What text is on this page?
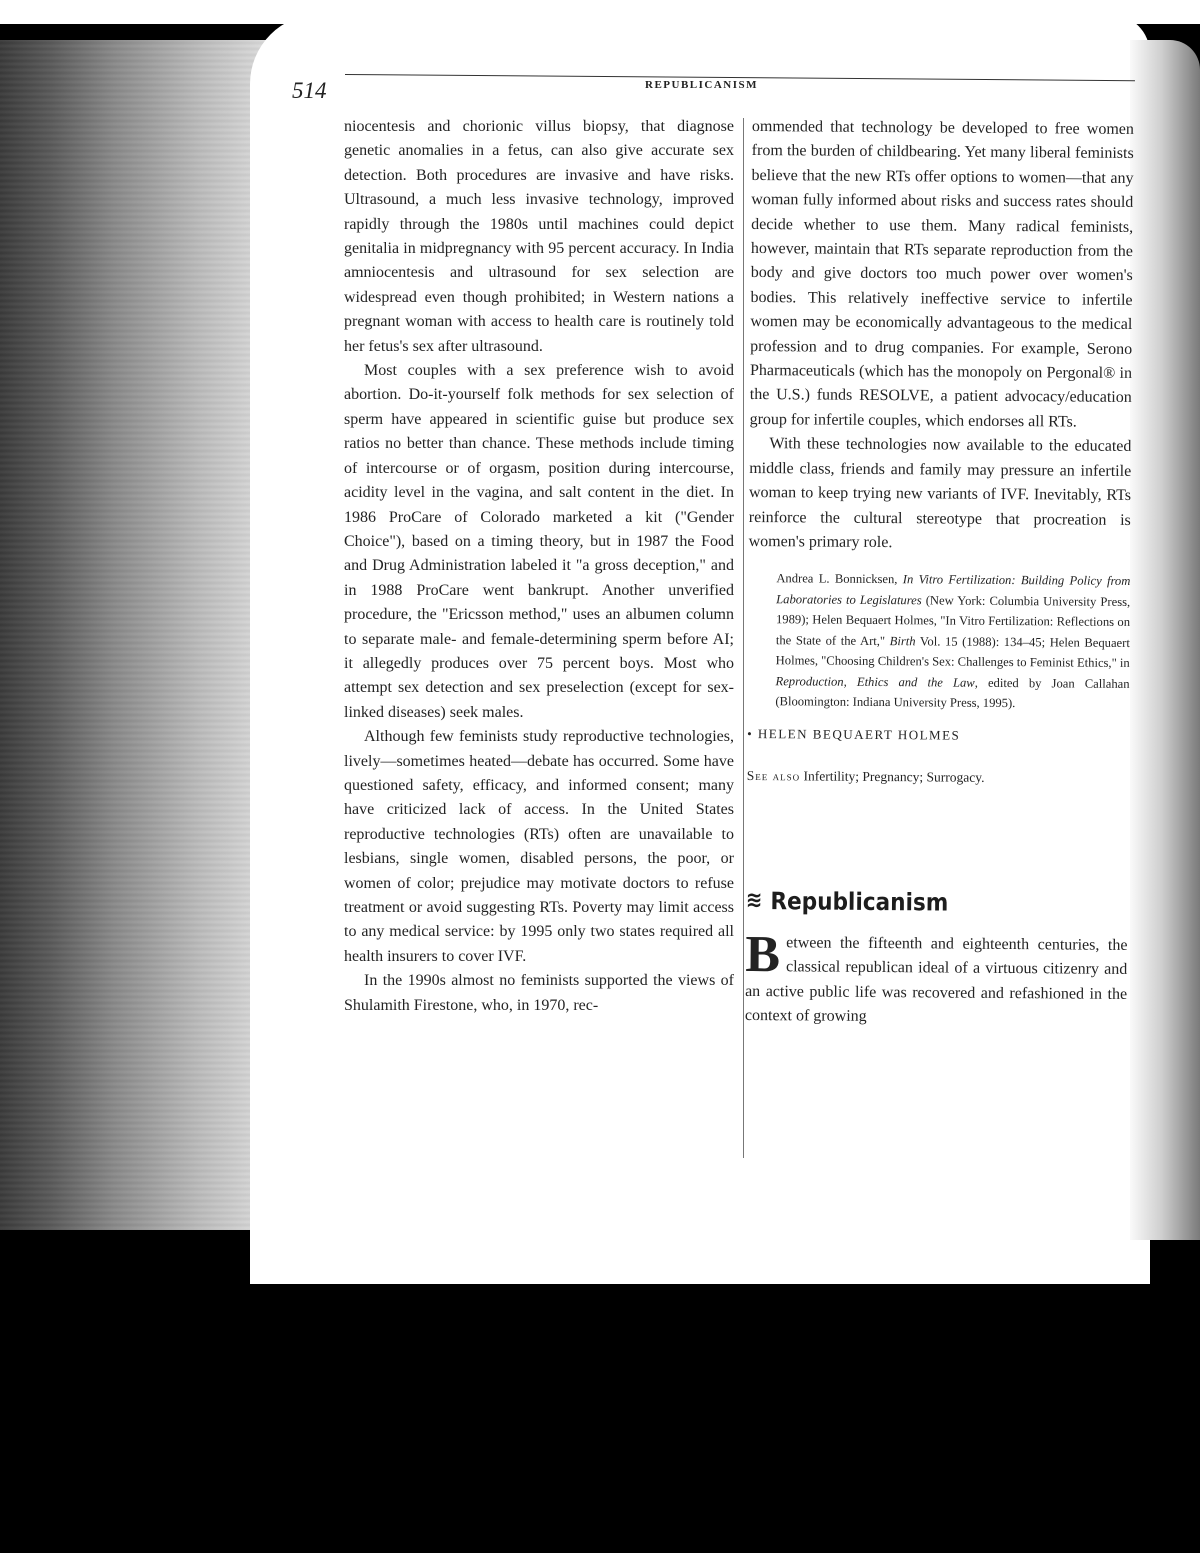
514	REPUBLICANISM

niocentesis and chorionic villus biopsy, that diagnose genetic anomalies in a fetus, can also give accurate sex detection. Both procedures are invasive and have risks. Ultrasound, a much less invasive technology, improved rapidly through the 1980s until machines could depict genitalia in midpregnancy with 95 percent accuracy. In India amniocentesis and ultrasound for sex selection are widespread even though prohibited; in Western nations a pregnant woman with access to health care is routinely told her fetus's sex after ultrasound.

Most couples with a sex preference wish to avoid abortion. Do-it-yourself folk methods for sex selection of sperm have appeared in scientific guise but produce sex ratios no better than chance. These methods include timing of intercourse or of orgasm, position during intercourse, acidity level in the vagina, and salt content in the diet. In 1986 ProCare of Colorado marketed a kit ("Gender Choice"), based on a timing theory, but in 1987 the Food and Drug Administration labeled it "a gross deception," and in 1988 ProCare went bankrupt. Another unverified procedure, the "Ericsson method," uses an albumen column to separate male- and female-determining sperm before AI; it allegedly produces over 75 percent boys. Most who attempt sex detection and sex preselection (except for sex-linked diseases) seek males.

Although few feminists study reproductive technologies, lively—sometimes heated—debate has occurred. Some have questioned safety, efficacy, and informed consent; many have criticized lack of access. In the United States reproductive technologies (RTs) often are unavailable to lesbians, single women, disabled persons, the poor, or women of color; prejudice may motivate doctors to refuse treatment or avoid suggesting RTs. Poverty may limit access to any medical service: by 1995 only two states required all health insurers to cover IVF.

In the 1990s almost no feminists supported the views of Shulamith Firestone, who, in 1970, rec-

ommended that technology be developed to free women from the burden of childbearing. Yet many liberal feminists believe that the new RTs offer options to women—that any woman fully informed about risks and success rates should decide whether to use them. Many radical feminists, however, maintain that RTs separate reproduction from the body and give doctors too much power over women's bodies. This relatively ineffective service to infertile women may be economically advantageous to the medical profession and to drug companies. For example, Serono Pharmaceuticals (which has the monopoly on Pergonal® in the U.S.) funds RESOLVE, a patient advocacy/education group for infertile couples, which endorses all RTs.

With these technologies now available to the educated middle class, friends and family may pressure an infertile woman to keep trying new variants of IVF. Inevitably, RTs reinforce the cultural stereotype that procreation is women's primary role.

Andrea L. Bonnicksen, In Vitro Fertilization: Building Policy from Laboratories to Legislatures (New York: Columbia University Press, 1989); Helen Bequaert Holmes, "In Vitro Fertilization: Reflections on the State of the Art," Birth Vol. 15 (1988): 134–45; Helen Bequaert Holmes, "Choosing Children's Sex: Challenges to Feminist Ethics," in Reproduction, Ethics and the Law, edited by Joan Callahan (Bloomington: Indiana University Press, 1995).

• HELEN BEQUAERT HOLMES

See also Infertility; Pregnancy; Surrogacy.

≋ Republicanism

Between the fifteenth and eighteenth centuries, the classical republican ideal of a virtuous citizenry and an active public life was recovered and refashioned in the context of growing
